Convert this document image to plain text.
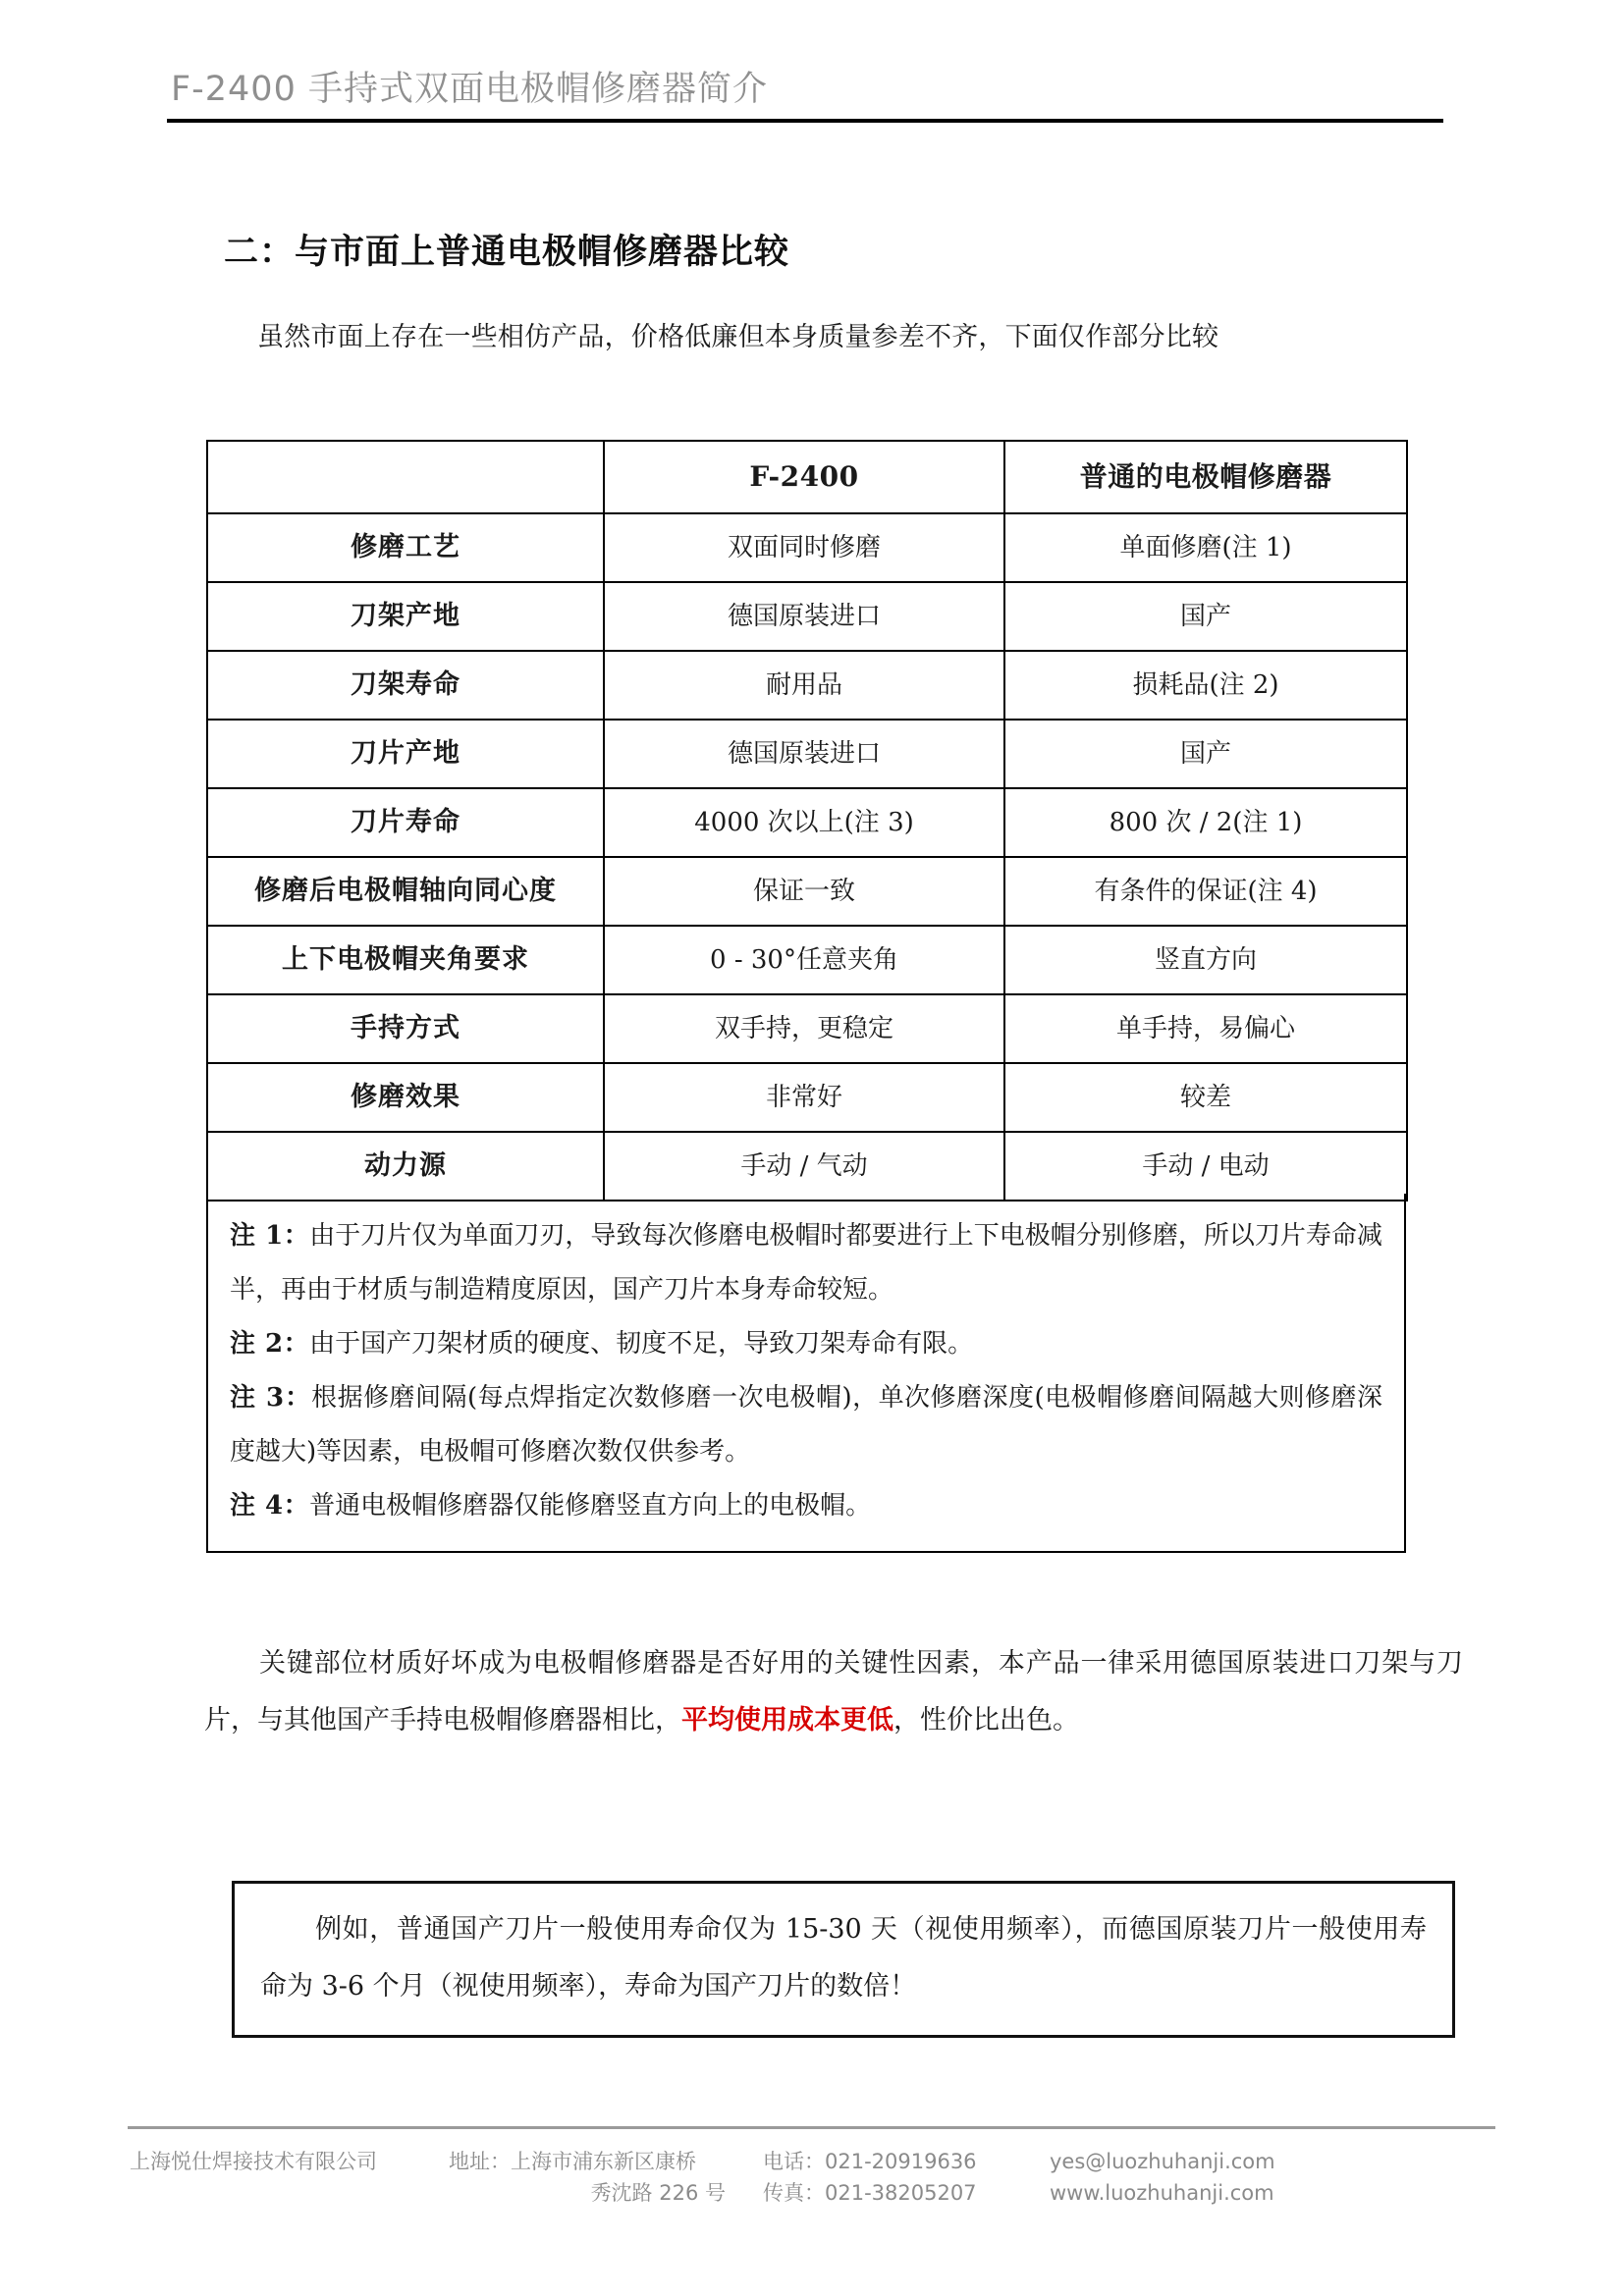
F-2400 手持式双面电极帽修磨器简介
二：与市面上普通电极帽修磨器比较
虽然市面上存在一些相仿产品，价格低廉但本身质量参差不齐，下面仅作部分比较
	F-2400	普通的电极帽修磨器
修磨工艺	双面同时修磨	单面修磨(注 1)
刀架产地	德国原装进口	国产
刀架寿命	耐用品	损耗品(注 2)
刀片产地	德国原装进口	国产
刀片寿命	4000 次以上(注 3)	800 次 / 2(注 1)
修磨后电极帽轴向同心度	保证一致	有条件的保证(注 4)
上下电极帽夹角要求	0 - 30°任意夹角	竖直方向
手持方式	双手持，更稳定	单手持，易偏心
修磨效果	非常好	较差
动力源	手动 / 气动	手动 / 电动
注 1：由于刀片仅为单面刀刃，导致每次修磨电极帽时都要进行上下电极帽分别修磨，所以刀片寿命减半，再由于材质与制造精度原因，国产刀片本身寿命较短。
注 2：由于国产刀架材质的硬度、韧度不足，导致刀架寿命有限。
注 3：根据修磨间隔(每点焊指定次数修磨一次电极帽)，单次修磨深度(电极帽修磨间隔越大则修磨深度越大)等因素，电极帽可修磨次数仅供参考。
注 4：普通电极帽修磨器仅能修磨竖直方向上的电极帽。
关键部位材质好坏成为电极帽修磨器是否好用的关键性因素，本产品一律采用德国原装进口刀架与刀片，与其他国产手持电极帽修磨器相比，平均使用成本更低，性价比出色。

例如，普通国产刀片一般使用寿命仅为 15-30 天（视使用频率），而德国原装刀片一般使用寿命为 3-6 个月（视使用频率），寿命为国产刀片的数倍！

上海悦仕焊接技术有限公司	地址：上海市浦东新区康桥
秀沈路 226 号
电话：021-20919636
传真：021-38205207
yes@luozhuhanji.com
www.luozhuhanji.com
